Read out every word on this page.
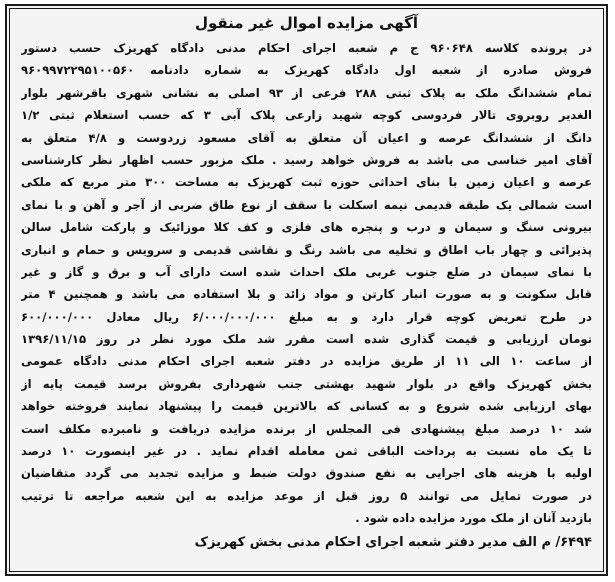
آگهی مزایده اموال غیر منقول
در پرونده کلاسه ۹۶۰۶۴۸ ج م شعبه اجرای احکام مدنی دادگاه کهریزک حسب دستور
فروش صادره از شعبه اول دادگاه کهریزک به شماره دادنامه ۹۶۰۹۹۷۲۲۹۵۱۰۰۵۶۰
تمام ششدانگ ملک به پلاک ثبتی ۲۸۸ فرعی از ۹۳ اصلی به نشانی شهری باقرشهر بلوار
الغدیر روبروی تالار فردوسی کوچه شهید زارعی پلاک آبی ۳ که حسب استعلام ثبتی ۱/۲
دانگ از ششدانگ عرصه و اعیان آن متعلق به آقای مسعود زردوست و ۴/۸ متعلق به
آقای امیر خناسی می باشد به فروش خواهد رسید . ملک مزبور حسب اظهار نظر کارشناسی
عرصه و اعیان زمین با بنای احداثی حوزه ثبت کهریزک به مساحت ۳۰۰ متر مربع که ملکی
است شمالی یک طبقه قدیمی نیمه اسکلت با سقف از نوع طاق ضربی از آجر و آهن و با نمای
بیرونی سنگ و سیمان و درب و پنجره های فلزی و کف کلا موزائیک و پارکت شامل سالن
پذیرائی و چهار باب اطاق و تخلیه می باشد رنگ و نقاشی قدیمی و سرویس و حمام و انباری
با نمای سیمان در ضلع جنوب غربی ملک احداث شده است دارای آب و برق و گاز و غیر
قابل سکونت و به صورت انبار کارتن و مواد زائد و بلا استفاده می باشد و همچنین ۴ متر
در طرح تعریض کوچه قرار دارد و به مبلغ ۶/۰۰۰/۰۰۰/۰۰۰ ریال معادل ۶۰۰/۰۰۰/۰۰۰
تومان ارزیابی و قیمت گذاری شده است مقرر شد ملک مورد نظر در روز ۱۳۹۶/۱۱/۱۵
از ساعت ۱۰ الی ۱۱ از طریق مزایده در دفتر شعبه اجرای احکام مدنی دادگاه عمومی
بخش کهریزک واقع در بلوار شهید بهشتی جنب شهرداری بفروش برسد قیمت پایه از
بهای ارزیابی شده شروع و به کسانی که بالاترین قیمت را پیشنهاد نمایند فروخته خواهد
شد ۱۰ درصد مبلغ پیشنهادی فی المجلس از برنده مزایده دریافت و نامبرده مکلف است
تا یک ماه نسبت به پرداخت الباقی ثمن معامله اقدام نماید . در غیر اینصورت ۱۰ درصد
اولیه با هزینه های اجرایی به نفع صندوق دولت ضبط و مزایده تجدید می گردد متقاضیان
در صورت تمایل می توانند ۵ روز قبل از موعد مزایده به این شعبه مراجعه تا ترتیب
بازدید آنان از ملک مورد مزایده داده شود .
۶۴۹۴/ م الف مدیر دفتر شعبه اجرای احکام مدنی بخش کهریزک
